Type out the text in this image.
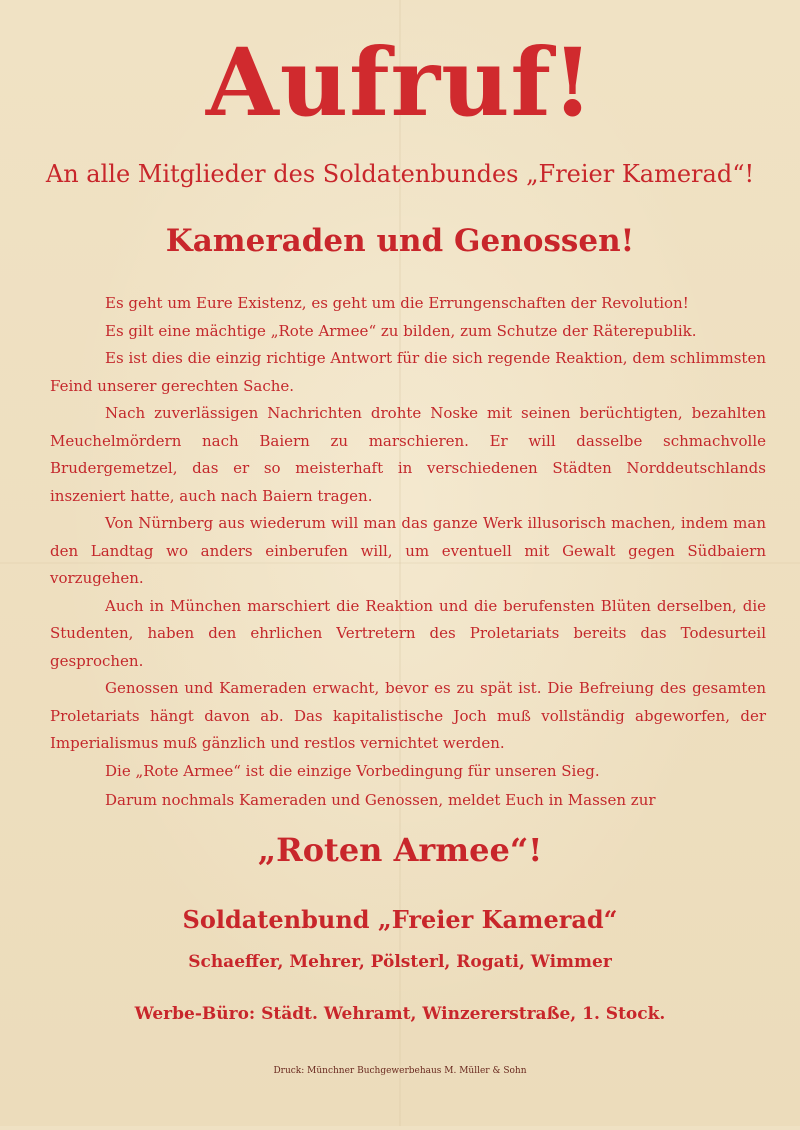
Aufruf!
An alle Mitglieder des Soldatenbundes „Freier Kamerad“!
Kameraden und Genossen!

Es geht um Eure Existenz, es geht um die Errungenschaften der Revolution!

Es gilt eine mächtige „Rote Armee“ zu bilden, zum Schutze der Räterepublik.

Es ist dies die einzig richtige Antwort für die sich regende Reaktion, dem schlimmsten Feind unserer gerechten Sache.

Nach zuverlässigen Nachrichten drohte Noske mit seinen berüchtigten, bezahlten Meuchelmördern nach Baiern zu marschieren. Er will dasselbe schmachvolle Brudergemetzel, das er so meisterhaft in verschiedenen Städten Norddeutschlands inszeniert hatte, auch nach Baiern tragen.

Von Nürnberg aus wiederum will man das ganze Werk illusorisch machen, indem man den Landtag wo anders einberufen will, um eventuell mit Gewalt gegen Südbaiern vorzugehen.

Auch in München marschiert die Reaktion und die berufensten Blüten derselben, die Studenten, haben den ehrlichen Vertretern des Proletariats bereits das Todesurteil gesprochen.

Genossen und Kameraden erwacht, bevor es zu spät ist. Die Befreiung des gesamten Proletariats hängt davon ab. Das kapitalistische Joch muß vollständig abgeworfen, der Imperialismus muß gänzlich und restlos vernichtet werden.

Die „Rote Armee“ ist die einzige Vorbedingung für unseren Sieg.

Darum nochmals Kameraden und Genossen, meldet Euch in Massen zur

„Roten Armee“!
Soldatenbund „Freier Kamerad“
Schaeffer, Mehrer, Pölsterl, Rogati, Wimmer
Werbe-Büro: Städt. Wehramt, Winzererstraße, 1. Stock.
Druck: Münchner Buchgewerbehaus M. Müller & Sohn
